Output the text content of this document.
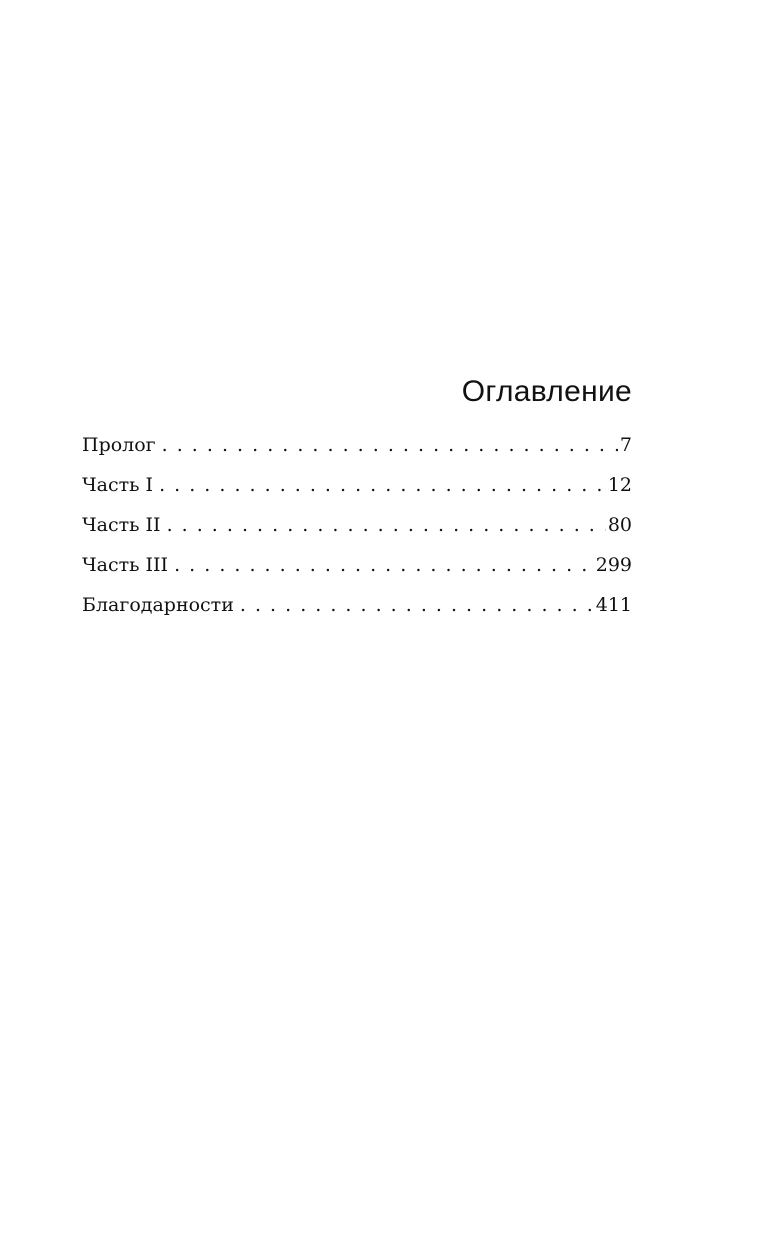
Оглавление
Пролог . . .	7
Часть I . . .	12
Часть II . . .	80
Часть III . . .	299
Благодарности . . .	411
